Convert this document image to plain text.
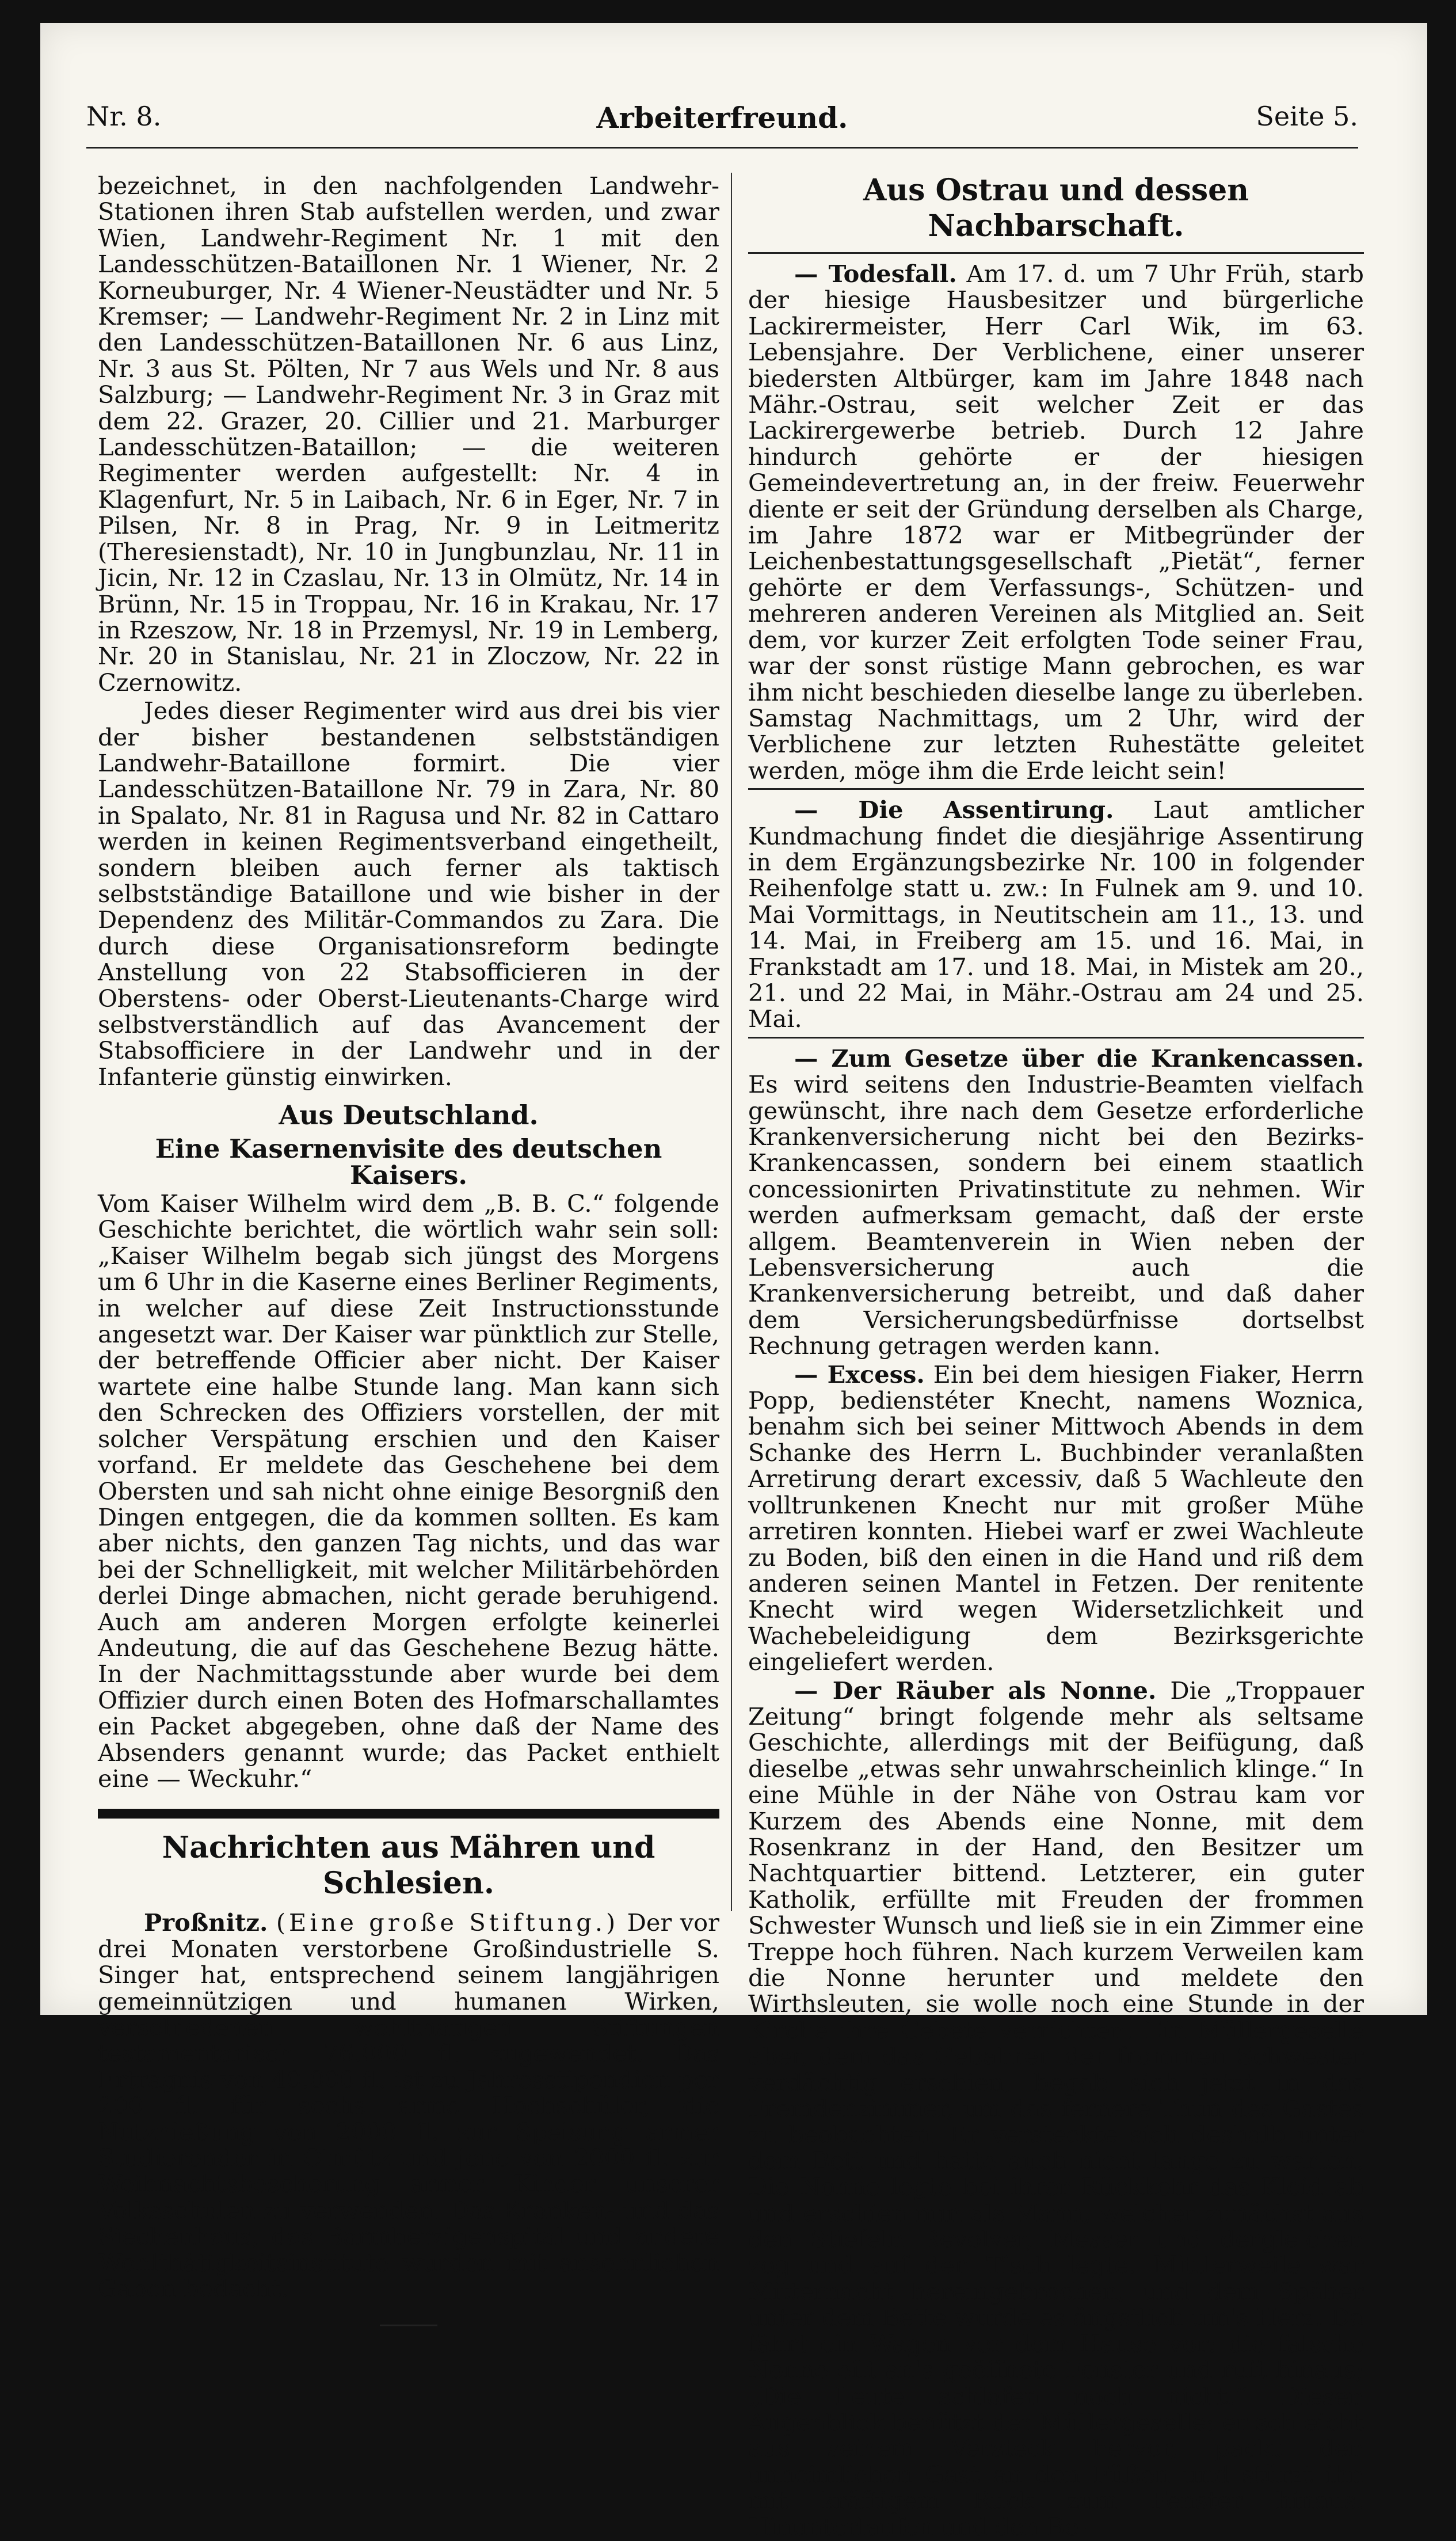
Nr. 8.	Arbeiterfreund.	Seite 5.

bezeichnet, in den nachfolgenden Landwehr-Stationen ihren Stab aufstellen werden, und zwar Wien, Landwehr-Regiment Nr. 1 mit den Landesschützen-Bataillonen Nr. 1 Wiener, Nr. 2 Korneuburger, Nr. 4 Wiener-Neustädter und Nr. 5 Kremser; — Landwehr-Regiment Nr. 2 in Linz mit den Landesschützen-Bataillonen Nr. 6 aus Linz, Nr. 3 aus St. Pölten, Nr 7 aus Wels und Nr. 8 aus Salzburg; — Landwehr-Regiment Nr. 3 in Graz mit dem 22. Grazer, 20. Cillier und 21. Marburger Landesschützen-Bataillon; — die weiteren Regimenter werden aufgestellt: Nr. 4 in Klagenfurt, Nr. 5 in Laibach, Nr. 6 in Eger, Nr. 7 in Pilsen, Nr. 8 in Prag, Nr. 9 in Leitmeritz (Theresienstadt), Nr. 10 in Jungbunzlau, Nr. 11 in Jicin, Nr. 12 in Czaslau, Nr. 13 in Olmütz, Nr. 14 in Brünn, Nr. 15 in Troppau, Nr. 16 in Krakau, Nr. 17 in Rzeszow, Nr. 18 in Przemysl, Nr. 19 in Lemberg, Nr. 20 in Stanislau, Nr. 21 in Zloczow, Nr. 22 in Czernowitz.

Jedes dieser Regimenter wird aus drei bis vier der bisher bestandenen selbstständigen Landwehr-Bataillone formirt. Die vier Landesschützen-Bataillone Nr. 79 in Zara, Nr. 80 in Spalato, Nr. 81 in Ragusa und Nr. 82 in Cattaro werden in keinen Regimentsverband eingetheilt, sondern bleiben auch ferner als taktisch selbstständige Bataillone und wie bisher in der Dependenz des Militär-Commandos zu Zara. Die durch diese Organisationsreform bedingte Anstellung von 22 Stabsofficieren in der Oberstens- oder Oberst-Lieutenants-Charge wird selbstverständlich auf das Avancement der Stabsofficiere in der Landwehr und in der Infanterie günstig einwirken.

Aus Deutschland.

Eine Kasernenvisite des deutschen Kaisers.

Vom Kaiser Wilhelm wird dem „B. B. C.“ folgende Geschichte berichtet, die wörtlich wahr sein soll: „Kaiser Wilhelm begab sich jüngst des Morgens um 6 Uhr in die Kaserne eines Berliner Regiments, in welcher auf diese Zeit Instructionsstunde angesetzt war. Der Kaiser war pünktlich zur Stelle, der betreffende Officier aber nicht. Der Kaiser wartete eine halbe Stunde lang. Man kann sich den Schrecken des Offiziers vorstellen, der mit solcher Verspätung erschien und den Kaiser vorfand. Er meldete das Geschehene bei dem Obersten und sah nicht ohne einige Besorgniß den Dingen entgegen, die da kommen sollten. Es kam aber nichts, den ganzen Tag nichts, und das war bei der Schnelligkeit, mit welcher Militärbehörden derlei Dinge abmachen, nicht gerade beruhigend. Auch am anderen Morgen erfolgte keinerlei Andeutung, die auf das Geschehene Bezug hätte. In der Nachmittagsstunde aber wurde bei dem Offizier durch einen Boten des Hofmarschallamtes ein Packet abgegeben, ohne daß der Name des Absenders genannt wurde; das Packet enthielt eine — Weckuhr.“

Nachrichten aus Mähren und Schlesien.

Proßnitz. (Eine große Stiftung.) Der vor drei Monaten verstorbene Großindustrielle S. Singer hat, entsprechend seinem langjährigen gemeinnützigen und humanen Wirken, verschiedenen wohlthätigen Stiftungen testamentarisch 76.000 fl. zugewendet. Das Erträgnis von 40.000 fl. ist zu Jahresstipendien per 200 fl. für sechs arme Hochschüler, die Nutznießung von 2000 fl. zur Speisung armer Studierender in Olmütz und jene von 2000 fl. zur Weihnachtsbescherung armer Kinder unserer Volksschulen zu verwenden. Das Kranken- und das Siechenhaus, das Barmherzigenspital und andere Wohlthätigkeitsinstitute wurden mit ansehnlichen Gaben bedacht.

Aus Ostrau und dessen Nachbarschaft.

— Todesfall. Am 17. d. um 7 Uhr Früh, starb der hiesige Hausbesitzer und bürgerliche Lackirermeister, Herr Carl Wik, im 63. Lebensjahre. Der Verblichene, einer unserer biedersten Altbürger, kam im Jahre 1848 nach Mähr.-Ostrau, seit welcher Zeit er das Lackirergewerbe betrieb. Durch 12 Jahre hindurch gehörte er der hiesigen Gemeindevertretung an, in der freiw. Feuerwehr diente er seit der Gründung derselben als Charge, im Jahre 1872 war er Mitbegründer der Leichenbestattungsgesellschaft „Pietät“, ferner gehörte er dem Verfassungs-, Schützen- und mehreren anderen Vereinen als Mitglied an. Seit dem, vor kurzer Zeit erfolgten Tode seiner Frau, war der sonst rüstige Mann gebrochen, es war ihm nicht beschieden dieselbe lange zu überleben. Samstag Nachmittags, um 2 Uhr, wird der Verblichene zur letzten Ruhestätte geleitet werden, möge ihm die Erde leicht sein!

— Die Assentirung. Laut amtlicher Kundmachung findet die diesjährige Assentirung in dem Ergänzungsbezirke Nr. 100 in folgender Reihenfolge statt u. zw.: In Fulnek am 9. und 10. Mai Vormittags, in Neutitschein am 11., 13. und 14. Mai, in Freiberg am 15. und 16. Mai, in Frankstadt am 17. und 18. Mai, in Mistek am 20., 21. und 22 Mai, in Mähr.-Ostrau am 24 und 25. Mai.

— Zum Gesetze über die Krankencassen. Es wird seitens den Industrie-Beamten vielfach gewünscht, ihre nach dem Gesetze erforderliche Krankenversicherung nicht bei den Bezirks-Krankencassen, sondern bei einem staatlich concessionirten Privatinstitute zu nehmen. Wir werden aufmerksam gemacht, daß der erste allgem. Beamtenverein in Wien neben der Lebensversicherung auch die Krankenversicherung betreibt, und daß daher dem Versicherungsbedürfnisse dortselbst Rechnung getragen werden kann.

— Excess. Ein bei dem hiesigen Fiaker, Herrn Popp, bedienstéter Knecht, namens Woznica, benahm sich bei seiner Mittwoch Abends in dem Schanke des Herrn L. Buchbinder veranlaßten Arretirung derart excessiv, daß 5 Wachleute den volltrunkenen Knecht nur mit großer Mühe arretiren konnten. Hiebei warf er zwei Wachleute zu Boden, biß den einen in die Hand und riß dem anderen seinen Mantel in Fetzen. Der renitente Knecht wird wegen Widersetzlichkeit und Wachebeleidigung dem Bezirksgerichte eingeliefert werden.

— Der Räuber als Nonne. Die „Troppauer Zeitung“ bringt folgende mehr als seltsame Geschichte, allerdings mit der Beifügung, daß dieselbe „etwas sehr unwahrscheinlich klinge.“ In eine Mühle in der Nähe von Ostrau kam vor Kurzem des Abends eine Nonne, mit dem Rosenkranz in der Hand, den Besitzer um Nachtquartier bittend. Letzterer, ein guter Katholik, erfüllte mit Freuden der frommen Schwester Wunsch und ließ sie in ein Zimmer eine Treppe hoch führen. Nach kurzem Verweilen kam die Nonne herunter und meldete den Wirthsleuten, sie wolle noch eine Stunde in der Kirche ihre Gebete verrichten. Ein Müllergeselle aber, dem das Gebahren der frommen Schwester verdächtig erschien, begab sich jetzt in das Fremdenzimmer, um das fernere Thun des Gastes zu beobachten. Er versteckte sich deshalb unter dem Bett und hatte auch nicht lange zu warten. Die Nonne legte bei ihrer Rückkehr das Kleid ab und erschien nun als Mann, welcher zunächst aus den Stiefeln Revolver, Messer und dergleichen zog und auf den Tisch legte. Mittlerweile war Mitternacht hereingebrochen, und dem Späher unter dem Bette wurde es ängstlich um's Herz. Da fährt ein Wagen vor dem Hause vor: die falsche Nonne eilt an's geöffnete Fenster und ruft hinaus; „Die Leute schlafen noch nicht.“ Diesen Augenblick benützt der Müllergeselle: er schleicht aus seinem Versteck hervor, packt den unheimlichen Gast an den Füßen und stürzt ihn mit kräftigem Ruck zum Fenster hinaus. Hinunterlaufen und den Be-
